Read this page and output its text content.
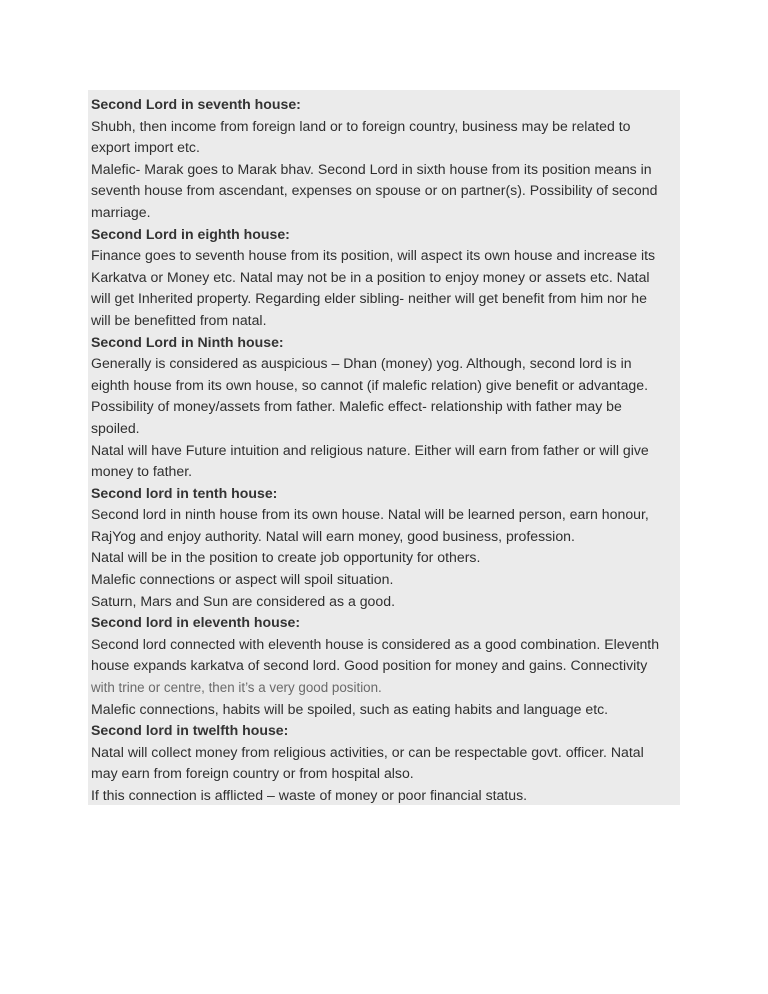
Second Lord in seventh house:
Shubh, then income from foreign land or to foreign country, business may be related to
export import etc.
Malefic- Marak goes to Marak bhav. Second Lord in sixth house from its position means in
seventh house from ascendant, expenses on spouse or on partner(s). Possibility of second
marriage.
Second Lord in eighth house:
Finance goes to seventh house from its position, will aspect its own house and increase its
Karkatva or Money etc. Natal may not be in a position to enjoy money or assets etc. Natal
will get Inherited property. Regarding elder sibling- neither will get benefit from him nor he
will be benefitted from natal.
Second Lord in Ninth house:
Generally is considered as auspicious – Dhan (money) yog. Although, second lord is in
eighth house from its own house, so cannot (if malefic relation) give benefit or advantage.
Possibility of money/assets from father. Malefic effect- relationship with father may be
spoiled.
Natal will have Future intuition and religious nature. Either will earn from father or will give
money to father.
Second lord in tenth house:
Second lord in ninth house from its own house. Natal will be learned person, earn honour,
RajYog and enjoy authority. Natal will earn money, good business, profession.
Natal will be in the position to create job opportunity for others.
Malefic connections or aspect will spoil situation.
Saturn, Mars and Sun are considered as a good.
Second lord in eleventh house:
Second lord connected with eleventh house is considered as a good combination. Eleventh
house expands karkatva of second lord. Good position for money and gains. Connectivity
with trine or centre, then it’s a very good position.
Malefic connections, habits will be spoiled, such as eating habits and language etc.
Second lord in twelfth house:
Natal will collect money from religious activities, or can be respectable govt. officer. Natal
may earn from foreign country or from hospital also.
If this connection is afflicted – waste of money or poor financial status.
